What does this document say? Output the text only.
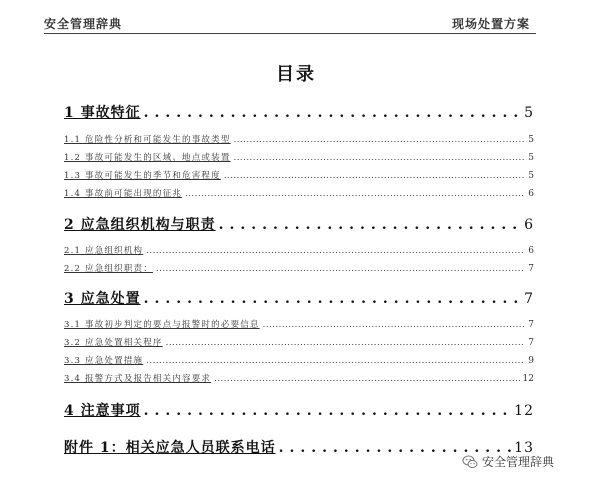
安全管理辞典	现场处置方案
目录
1 事故特征 .....	5
1.1 危险性分析和可能发生的事故类型 .....	5
1.2 事故可能发生的区域、地点或装置 .....	5
1.3 事故可能发生的季节和危害程度 .....	5
1.4 事故前可能出现的征兆 .....	6
2 应急组织机构与职责 .....	6
2.1 应急组织机构 .....	6
2.2 应急组织职责： .....	7
3 应急处置 .....	7
3.1 事故初步判定的要点与报警时的必要信息 .....	7
3.2 应急处置相关程序 .....	7
3.3 应急处置措施 .....	9
3.4 报警方式及报告相关内容要求 .....	12
4 注意事项 .....	12
附件 1：相关应急人员联系电话 .....	13
安全管理辞典
